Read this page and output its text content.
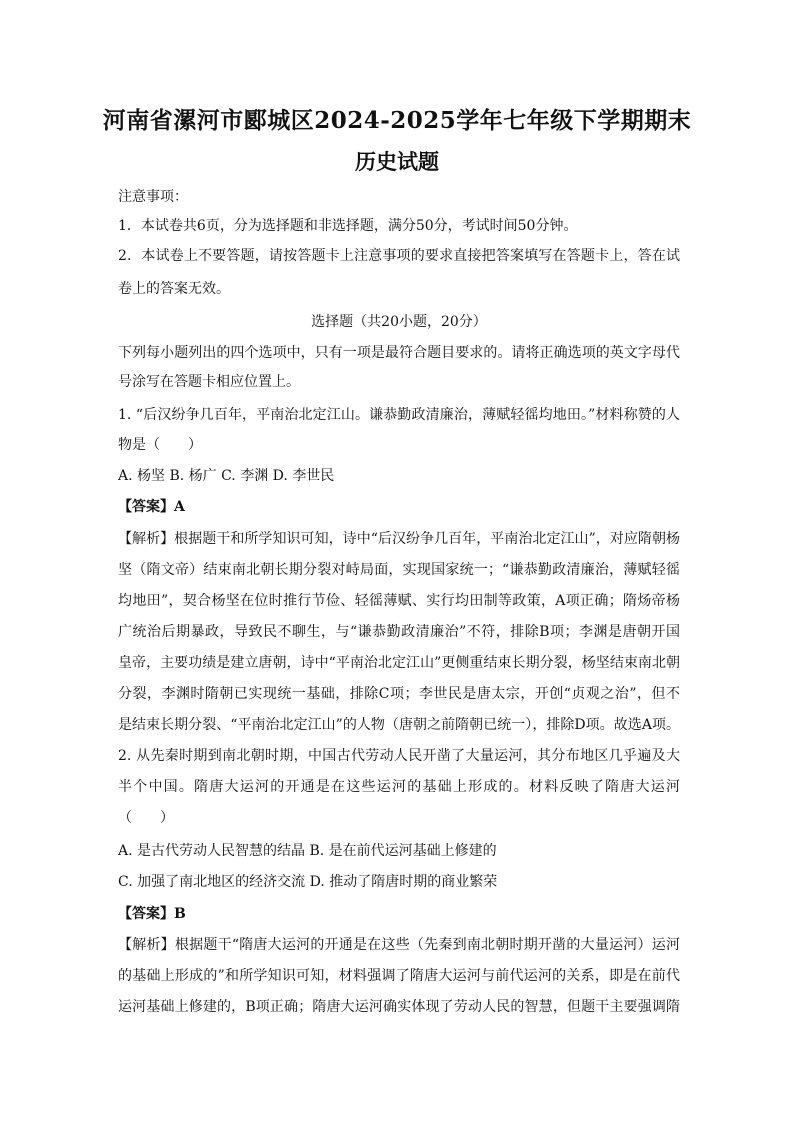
河南省漯河市郾城区2024-2025学年七年级下学期期末
历史试题
注意事项：
1．本试卷共6页，分为选择题和非选择题，满分50分，考试时间50分钟。
2．本试卷上不要答题，请按答题卡上注意事项的要求直接把答案填写在答题卡上，答在试
卷上的答案无效。
选择题（共20小题，20分）
下列每小题列出的四个选项中，只有一项是最符合题目要求的。请将正确选项的英文字母代
号涂写在答题卡相应位置上。
1. “后汉纷争几百年，平南治北定江山。谦恭勤政清廉治，薄赋轻徭均地田。”材料称赞的人
物是（　　）
A. 杨坚 B. 杨广 C. 李渊 D. 李世民
【答案】A
【解析】根据题干和所学知识可知，诗中“后汉纷争几百年，平南治北定江山”，对应隋朝杨
坚（隋文帝）结束南北朝长期分裂对峙局面，实现国家统一；“谦恭勤政清廉治，薄赋轻徭
均地田”，契合杨坚在位时推行节俭、轻徭薄赋、实行均田制等政策，A项正确；隋炀帝杨
广统治后期暴政，导致民不聊生，与“谦恭勤政清廉治”不符，排除B项；李渊是唐朝开国
皇帝，主要功绩是建立唐朝，诗中“平南治北定江山”更侧重结束长期分裂，杨坚结束南北朝
分裂，李渊时隋朝已实现统一基础，排除C项；李世民是唐太宗，开创“贞观之治”，但不
是结束长期分裂、“平南治北定江山”的人物（唐朝之前隋朝已统一），排除D项。故选A项。
2. 从先秦时期到南北朝时期，中国古代劳动人民开凿了大量运河，其分布地区几乎遍及大
半个中国。隋唐大运河的开通是在这些运河的基础上形成的。材料反映了隋唐大运河
（　　）
A. 是古代劳动人民智慧的结晶 B. 是在前代运河基础上修建的
C. 加强了南北地区的经济交流 D. 推动了隋唐时期的商业繁荣
【答案】B
【解析】根据题干“隋唐大运河的开通是在这些（先秦到南北朝时期开凿的大量运河）运河
的基础上形成的”和所学知识可知，材料强调了隋唐大运河与前代运河的关系，即是在前代
运河基础上修建的，B项正确；隋唐大运河确实体现了劳动人民的智慧，但题干主要强调隋
